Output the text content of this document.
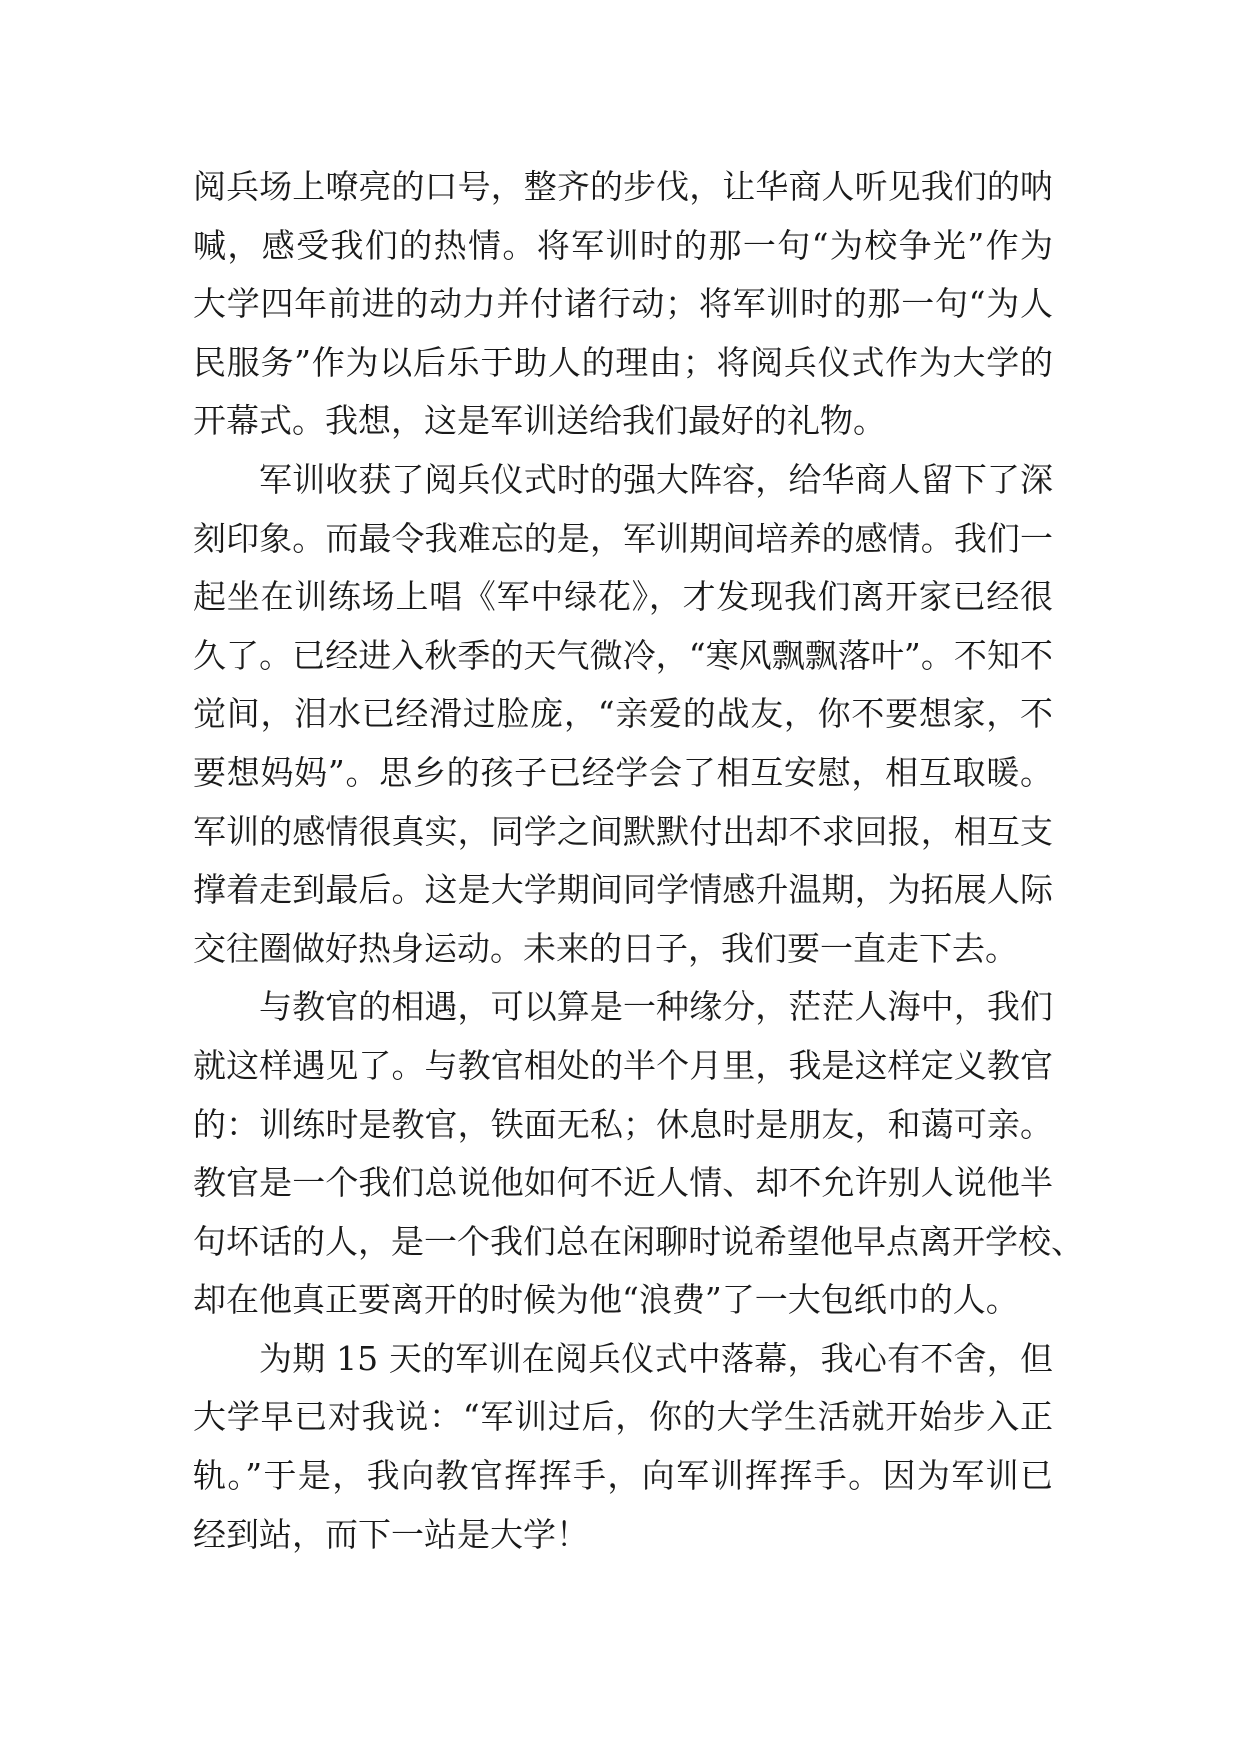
阅兵场上嘹亮的口号，整齐的步伐，让华商人听见我们的呐
喊，感受我们的热情。将军训时的那一句“为校争光”作为
大学四年前进的动力并付诸行动；将军训时的那一句“为人
民服务”作为以后乐于助人的理由；将阅兵仪式作为大学的
开幕式。我想，这是军训送给我们最好的礼物。
军训收获了阅兵仪式时的强大阵容，给华商人留下了深
刻印象。而最令我难忘的是，军训期间培养的感情。我们一
起坐在训练场上唱《军中绿花》，才发现我们离开家已经很
久了。已经进入秋季的天气微冷，“寒风飘飘落叶”。不知不
觉间，泪水已经滑过脸庞，“亲爱的战友，你不要想家，不
要想妈妈”。思乡的孩子已经学会了相互安慰，相互取暖。
军训的感情很真实，同学之间默默付出却不求回报，相互支
撑着走到最后。这是大学期间同学情感升温期，为拓展人际
交往圈做好热身运动。未来的日子，我们要一直走下去。
与教官的相遇，可以算是一种缘分，茫茫人海中，我们
就这样遇见了。与教官相处的半个月里，我是这样定义教官
的：训练时是教官，铁面无私；休息时是朋友，和蔼可亲。
教官是一个我们总说他如何不近人情、却不允许别人说他半
句坏话的人，是一个我们总在闲聊时说希望他早点离开学校、
却在他真正要离开的时候为他“浪费”了一大包纸巾的人。
为期 15 天的军训在阅兵仪式中落幕，我心有不舍，但
大学早已对我说：“军训过后，你的大学生活就开始步入正
轨。”于是，我向教官挥挥手，向军训挥挥手。因为军训已
经到站，而下一站是大学！
